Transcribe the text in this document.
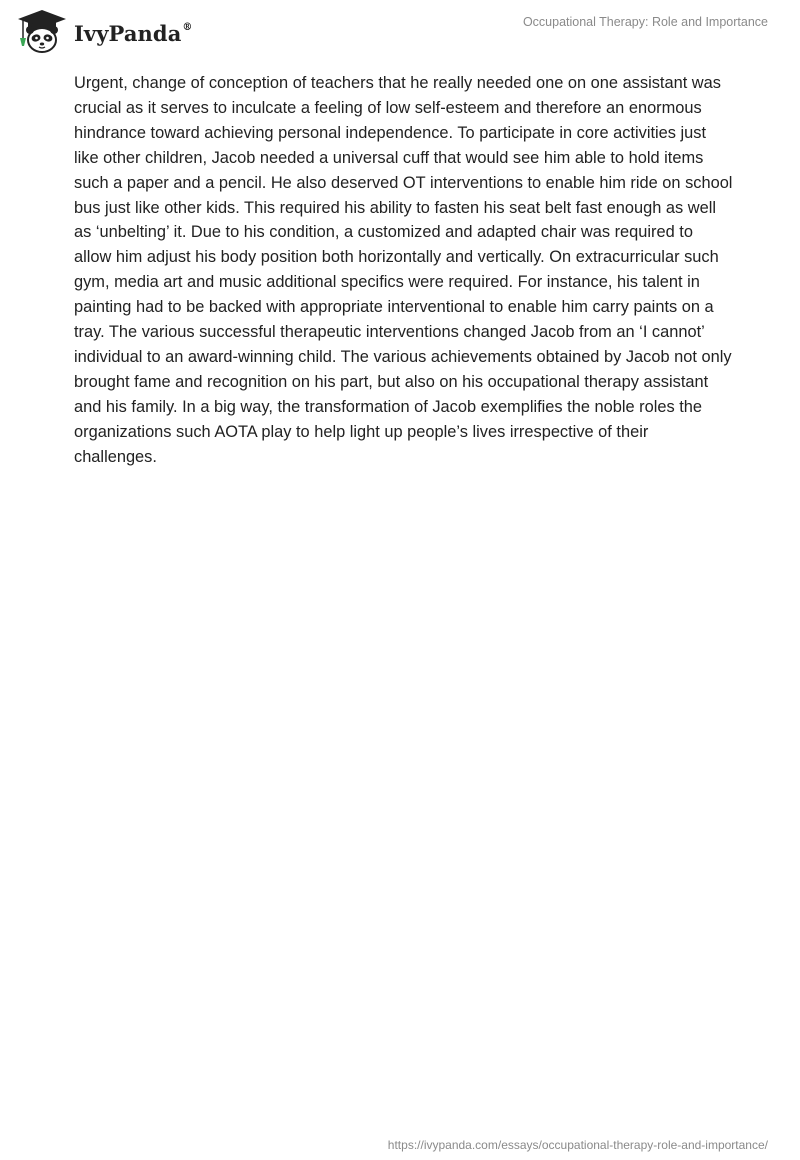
IvyPanda®	Occupational Therapy: Role and Importance

Urgent, change of conception of teachers that he really needed one on one assistant was crucial as it serves to inculcate a feeling of low self-esteem and therefore an enormous hindrance toward achieving personal independence. To participate in core activities just like other children, Jacob needed a universal cuff that would see him able to hold items such a paper and a pencil. He also deserved OT interventions to enable him ride on school bus just like other kids. This required his ability to fasten his seat belt fast enough as well as ‘unbelting’ it. Due to his condition, a customized and adapted chair was required to allow him adjust his body position both horizontally and vertically. On extracurricular such gym, media art and music additional specifics were required. For instance, his talent in painting had to be backed with appropriate interventional to enable him carry paints on a tray. The various successful therapeutic interventions changed Jacob from an ‘I cannot’ individual to an award-winning child. The various achievements obtained by Jacob not only brought fame and recognition on his part, but also on his occupational therapy assistant and his family. In a big way, the transformation of Jacob exemplifies the noble roles the organizations such AOTA play to help light up people’s lives irrespective of their challenges.

https://ivypanda.com/essays/occupational-therapy-role-and-importance/
